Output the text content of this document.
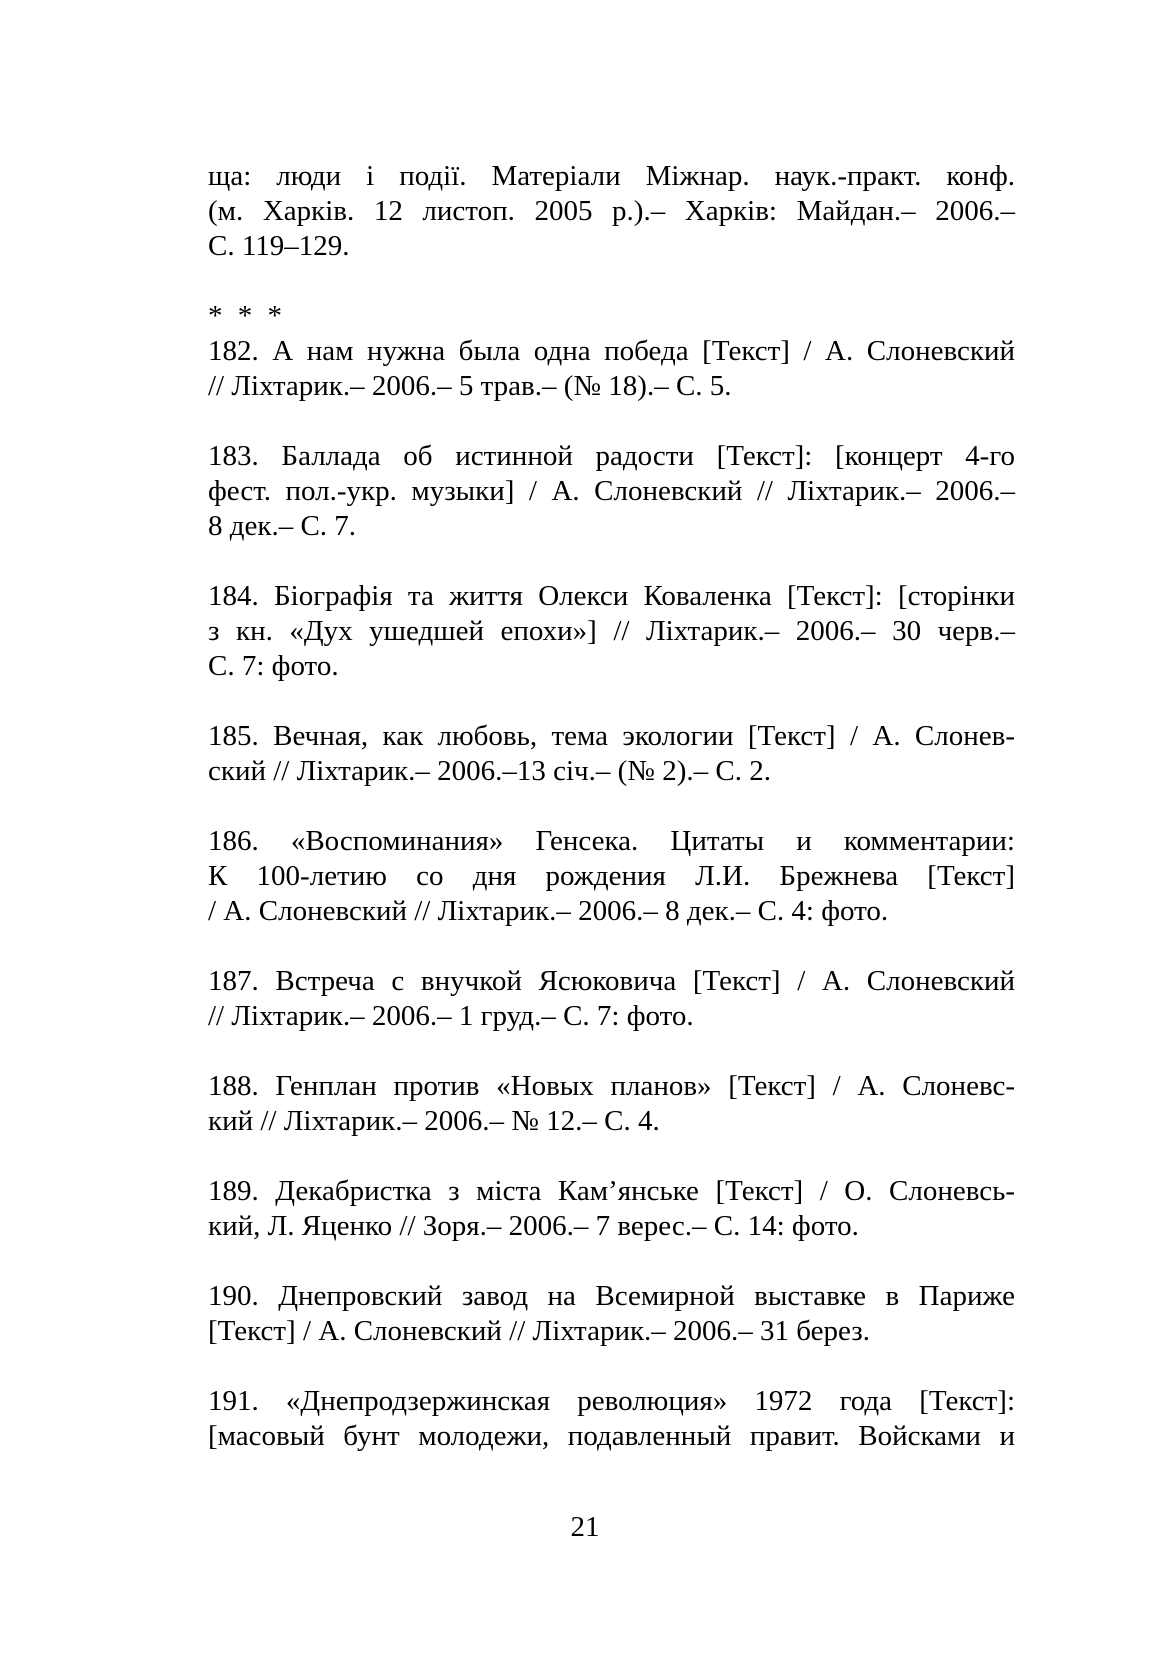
ща: люди і події. Матеріали Міжнар. наук.-практ. конф.
(м. Харків. 12 листоп. 2005 р.).– Харків: Майдан.– 2006.–
С. 119–129.

* * *

182. А нам нужна была одна победа [Текст] / А. Слоневский
// Ліхтарик.– 2006.– 5 трав.– (№ 18).– С. 5.

183. Баллада об истинной радости [Текст]: [концерт 4-го
фест. пол.-укр. музыки] / А. Слоневский // Ліхтарик.– 2006.–
8 дек.– С. 7.

184. Біографія та життя Олекси Коваленка [Текст]: [сторінки
з кн. «Дух ушедшей епохи»] // Ліхтарик.– 2006.– 30 черв.–
С. 7: фото.

185. Вечная, как любовь, тема экологии [Текст] / А. Слонев-
ский // Ліхтарик.– 2006.–13 січ.– (№ 2).– С. 2.

186. «Воспоминания» Генсека. Цитаты и комментарии:
К 100-летию со дня рождения Л.И. Брежнева [Текст]
/ А. Слоневский // Ліхтарик.– 2006.– 8 дек.– С. 4: фото.

187. Встреча с внучкой Ясюковича [Текст] / А. Слоневский
// Ліхтарик.– 2006.– 1 груд.– С. 7: фото.

188. Генплан против «Новых планов» [Текст] / А. Слоневс-
кий // Ліхтарик.– 2006.– № 12.– С. 4.

189. Декабристка з міста Кам’янське [Текст] / О. Слоневсь-
кий, Л. Яценко // Зоря.– 2006.– 7 верес.– С. 14: фото.

190. Днепровский завод на Всемирной выставке в Париже
[Текст] / А. Слоневский // Ліхтарик.– 2006.– 31 берез.

191. «Днепродзержинская революция» 1972 года [Текст]:
[масовый бунт молодежи, подавленный правит. Войсками и

21
